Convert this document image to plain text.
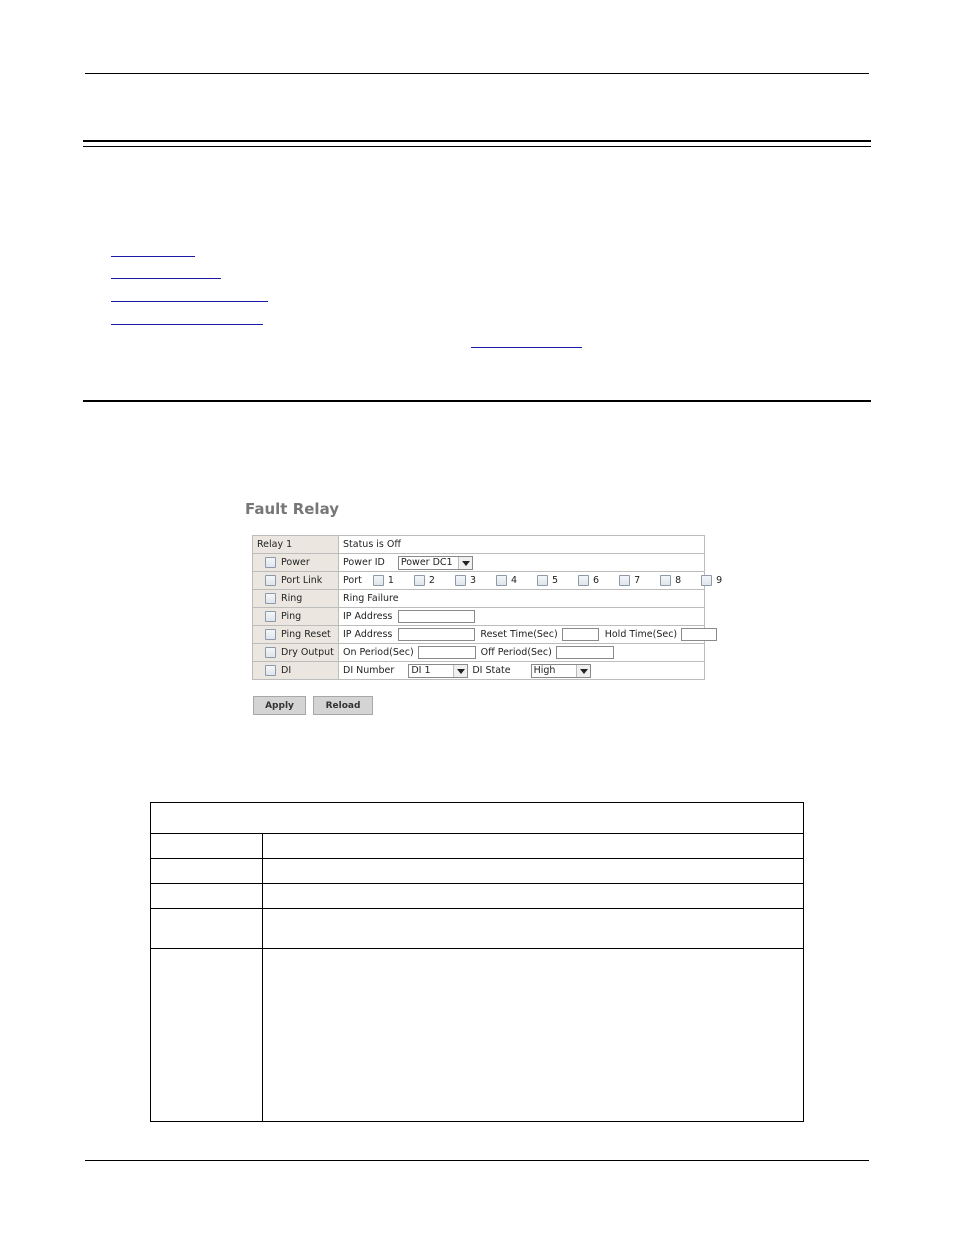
Fault Relay
Relay 1	Status is Off
Power	Power ID Power DC1

Port Link	Port 1 2 3 4 5 6 7 8 9
Ring	Ring Failure
Ping	IP Address
Ping Reset	IP Address Reset Time(Sec) Hold Time(Sec)
Dry Output	On Period(Sec) Off Period(Sec)
DI	DI Number DI 1 DI State High
Apply	Reload
